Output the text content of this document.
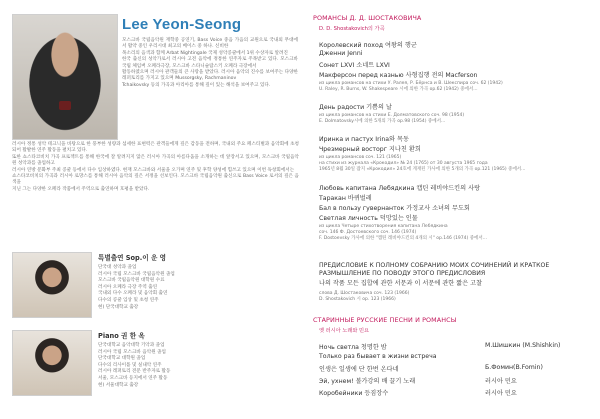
Lee Yeon-Seong

모스크바 국립음악원 재학중 공연기, Bass Voice 중음 가음의 교원으로 국내외 무대에서 활약 중인 우리시대 최고의 베이스 중 하나. 신비한

목소리의 음색과 함께 Arbat Nightingale 국제 성악콩쿨에서 1위 수상자로 알려진

한국 출신의 성악가로서 러시아 고전 음악에 정통한 연주자로 주목받고 있다. 모스크바 국립 체임버 오페라극장, 모스크바 스타니슬랍스키 오페라 극장에서

활동하였으며 러시아 관객들의 큰 사랑을 받았다. 러시아 음악의 진수를 보여주는 다양한 레퍼토리를 가지고 있으며 Mussorgsky, Rachmaninov

Tchaikovsky 등의 가곡과 아리아를 통해 깊이 있는 해석을 보여주고 있다.

러시아 정통 성악 테크닉을 바탕으로 한 풍부한 성량과 섬세한 표현력은 관객들에게 깊은 감동을 전하며, 국내외 주요 페스티벌과 음악회에 초청되어 활발한 연주 활동을 펼치고 있다.

또한 쇼스타코비치 가곡 프로젝트를 통해 한국에 잘 알려지지 않은 러시아 가곡의 아름다움을 소개하는 데 앞장서고 있으며, 모스크바 국립음악원 성악과를 졸업하고

러시아 연방 문화부 주최 콩쿨 등에서 다수 입상하였다. 현재 모스크바와 서울을 오가며 연주 및 후학 양성에 힘쓰고 있으며 이번 독창회에서는

쇼스타코비치의 가곡과 러시아 로망스를 통해 러시아 음악의 깊은 서정을 선보인다. 모스크바 국립음악원 출신으로 Bass Voice 로서의 깊은 음색을

지닌 그는 다양한 오페라 작품에서 주역으로 출연하며 호평을 받았다.

특별출연 Sop.이 운 영
단국대 성악과 졸업
러시아 국립 모스크바 국립음악원 졸업
모스크바 국립음악원 대학원 수료
러시아 오페라 극장 주역 출연
국내외 다수 오페라 및 음악회 출연
다수의 콩쿨 입상 및 초청 연주
현) 단국대학교 출강
Piano 권 한 옥
단국대학교 음악대학 기악과 졸업
러시아 국립 모스크바 음악원 졸업
단국대학교 대학원 졸업
다수의 리사이틀 및 실내악 연주
러시아 레퍼토리 전문 반주자로 활동
서울, 모스크바 등지에서 연주 활동
현) 서울대학교 출강
РОМАНСЫ Д. Д. ШОСТАКОВИЧА
D. D. Shostakovich의 가곡
Королевский поход 여왕의 행군
Дженни Jenni
Сонет LXVI 소네트 LXVI
Макферсон перед казнью 사형집행 전의 Macferson
из цикла романсов на стихи У. Ралея, Р. Бёрнса и В. Шекспира соч. 62 (1942)
U. Raley, R. Burns, W. Shakespeare 시에 의한 가곡 op.62 (1942) 중에서...
День радости 기쁨의 날
из цикла романсов на стихи Е. Долматовского соч. 98 (1954)
E. Dolmatovsky시에 의한 5개의 가곡 op.98 (1954) 중에서...
Иринка и пастух Irina와 목동
Чрезмерный восторг 지나친 환희
из цикла романсов соч. 121 (1965)
на стихи из журнала «Крокодил» № 24 (1765) от 30 августа 1965 года
1965년 8월 30일 잡지 «Крокодил» 24호에 게재된 가사에 의한 5개의 가곡 op.121 (1965) 중에서...
Любовь капитана Лебядкина 캡틴 레비야드킨의 사랑
Таракан 바퀴벌레
Бал в пользу гувернанток 가정교사 소녀의 무도회
Светлая личность 덕망있는 인물
из цикла Четыре стихотворения капитана Лебядкина
соч. 146 Ф. Достоевского соч. 146 (1974)
F. Dostoevsky 가사에 의한 "캡틴 레비야드킨의 4개의 시" op.146 (1974) 중에서...
ПРЕДИСЛОВИЕ К ПОЛНОМУ СОБРАНИЮ МОИХ СОЧИНЕНИЙ И КРАТКОЕ РАЗМЫШЛЕНИЕ ПО ПОВОДУ ЭТОГО ПРЕДИСЛОВИЯ
나의 작품 모든 집합에 관한 서문과 이 서문에 관한 짧은 고찰
слова Д. Шостаковича соч. 123 (1966)
D. Shostakovich 시 op. 123 (1966)
СТАРИННЫЕ РУССКИЕ ПЕСНИ И РОМАНСЫ
옛 러시아 노래와 민요
Ночь светла 청명한 밤	М.Шишкин (M.Shishkin)
Только раз бывает в жизни встреча
인생은 일생에 단 한번 온다네	Б.Фомин(B.Fomin)
Эй, ухнем! 볼가강의 배 끌기 노래	러시아 민요
Коробейники 등짐장수	러시아 민요
